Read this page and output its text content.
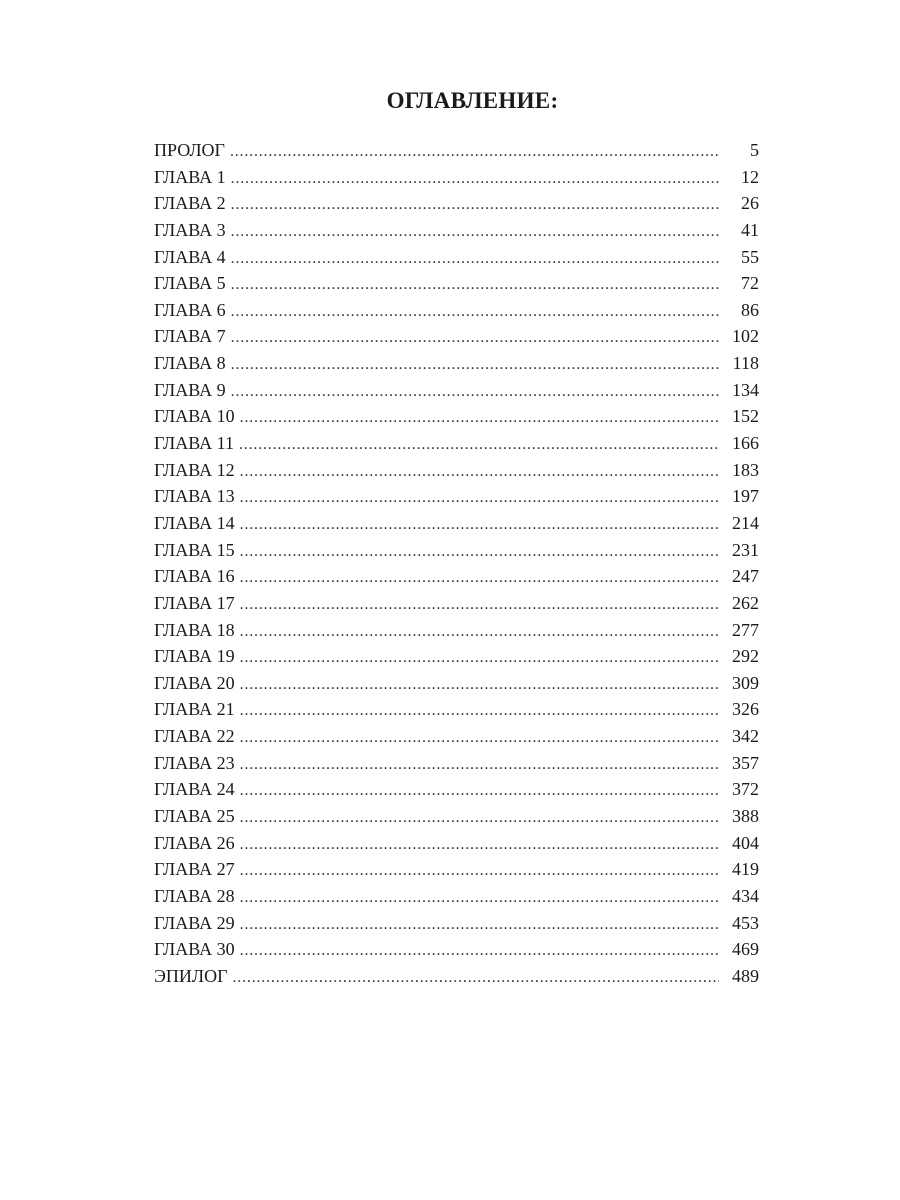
ОГЛАВЛЕНИЕ:
ПРОЛОГ . . .	5
ГЛАВА 1 . . .	12
ГЛАВА 2 . . .	26
ГЛАВА 3 . . .	41
ГЛАВА 4 . . .	55
ГЛАВА 5 . . .	72
ГЛАВА 6 . . .	86
ГЛАВА 7 . . .	102
ГЛАВА 8 . . .	118
ГЛАВА 9 . . .	134
ГЛАВА 10 . . .	152
ГЛАВА 11 . . .	166
ГЛАВА 12 . . .	183
ГЛАВА 13 . . .	197
ГЛАВА 14 . . .	214
ГЛАВА 15 . . .	231
ГЛАВА 16 . . .	247
ГЛАВА 17 . . .	262
ГЛАВА 18 . . .	277
ГЛАВА 19 . . .	292
ГЛАВА 20 . . .	309
ГЛАВА 21 . . .	326
ГЛАВА 22 . . .	342
ГЛАВА 23 . . .	357
ГЛАВА 24 . . .	372
ГЛАВА 25 . . .	388
ГЛАВА 26 . . .	404
ГЛАВА 27 . . .	419
ГЛАВА 28 . . .	434
ГЛАВА 29 . . .	453
ГЛАВА 30 . . .	469
ЭПИЛОГ . . .	489
